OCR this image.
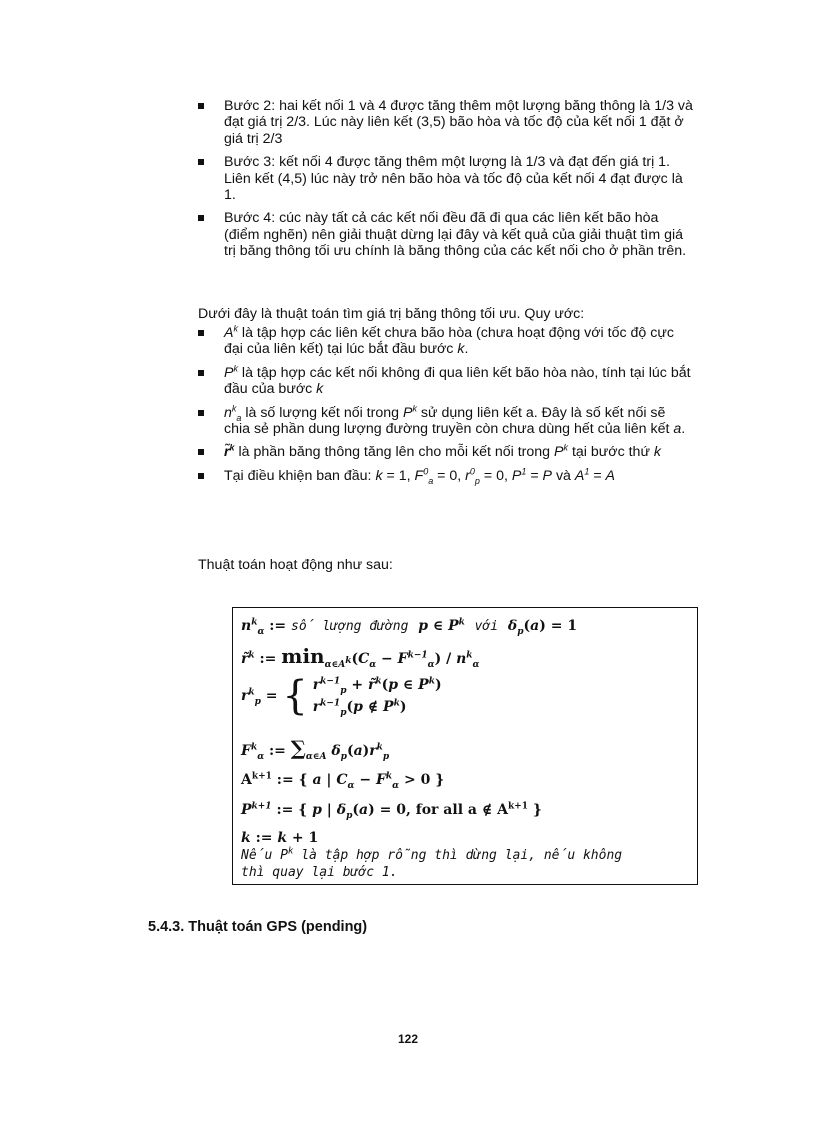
Bước 2: hai kết nối 1 và 4 được tăng thêm một lượng băng thông là 1/3 và đạt giá trị 2/3. Lúc này liên kết (3,5) bão hòa và tốc độ của kết nối 1 đặt ở giá trị 2/3
Bước 3: kết nối 4 được tăng thêm một lượng là 1/3 và đạt đến giá trị 1. Liên kết (4,5) lúc này trở nên bão hòa và tốc độ của kết nối 4 đạt được là 1.
Bước 4: cúc này tất cả các kết nối đều đã đi qua các liên kết bão hòa (điểm nghẽn) nên giải thuật dừng lại đây và kết quả của giải thuật tìm giá trị băng thông tối ưu chính là băng thông của các kết nối cho ở phần trên.

Dưới đây là thuật toán tìm giá trị băng thông tối ưu. Quy ước:

$A^k$ là tập hợp các liên kết chưa bão hòa (chưa hoạt động với tốc độ cực đại của liên kết) tại lúc bắt đầu bước k.
$P^k$ là tập hợp các kết nối không đi qua liên kết bão hòa nào, tính tại lúc bắt đầu của bước k
$n^k_a$ là số lượng kết nối trong $P^k$ sử dụng liên kết a. Đây là số kết nối sẽ chia sẻ phần dung lượng đường truyền còn chưa dùng hết của liên kết a.
r̃$^k$ là phần băng thông tăng lên cho mỗi kết nối trong $P^k$ tại bước thứ k
Tại điều khiện ban đầu: k = 1, $F^0_a = 0$, $r^0_p = 0$, $P^1 = P$ và $A^1 = A$

Thuật toán hoạt động như sau:

$n^k_\alpha$ := số lượng đường p ∈ $P^k$ với $\delta_p(a) = 1$
r̃$^k$ := $\min_{\alpha\in A^k}(C_\alpha - F^{k-1}_\alpha) / n^k_\alpha$
$r^k_p$ = { $r^{k-1}_p$ + r̃$^k$(p ∈ $P^k$)
$r^{k-1}_p(p$ ∉ $P^k$)
$F^k_\alpha$ := $\sum_{\alpha\in A}$ $\delta_p(a)r^k_p$
$A^{k+1}$ := { a | $C_\alpha - F^k_\alpha > 0$ }
$P^{k+1}$ := { p | $\delta_p(a) = 0$, for all a ∉ $A^{k+1}$ }
k := k + 1
Nếu $P^k$ là tập hợp rỗng thì dừng lại, nếu không
thì quay lại bước 1.

5.4.3. Thuật toán GPS (pending)

122
